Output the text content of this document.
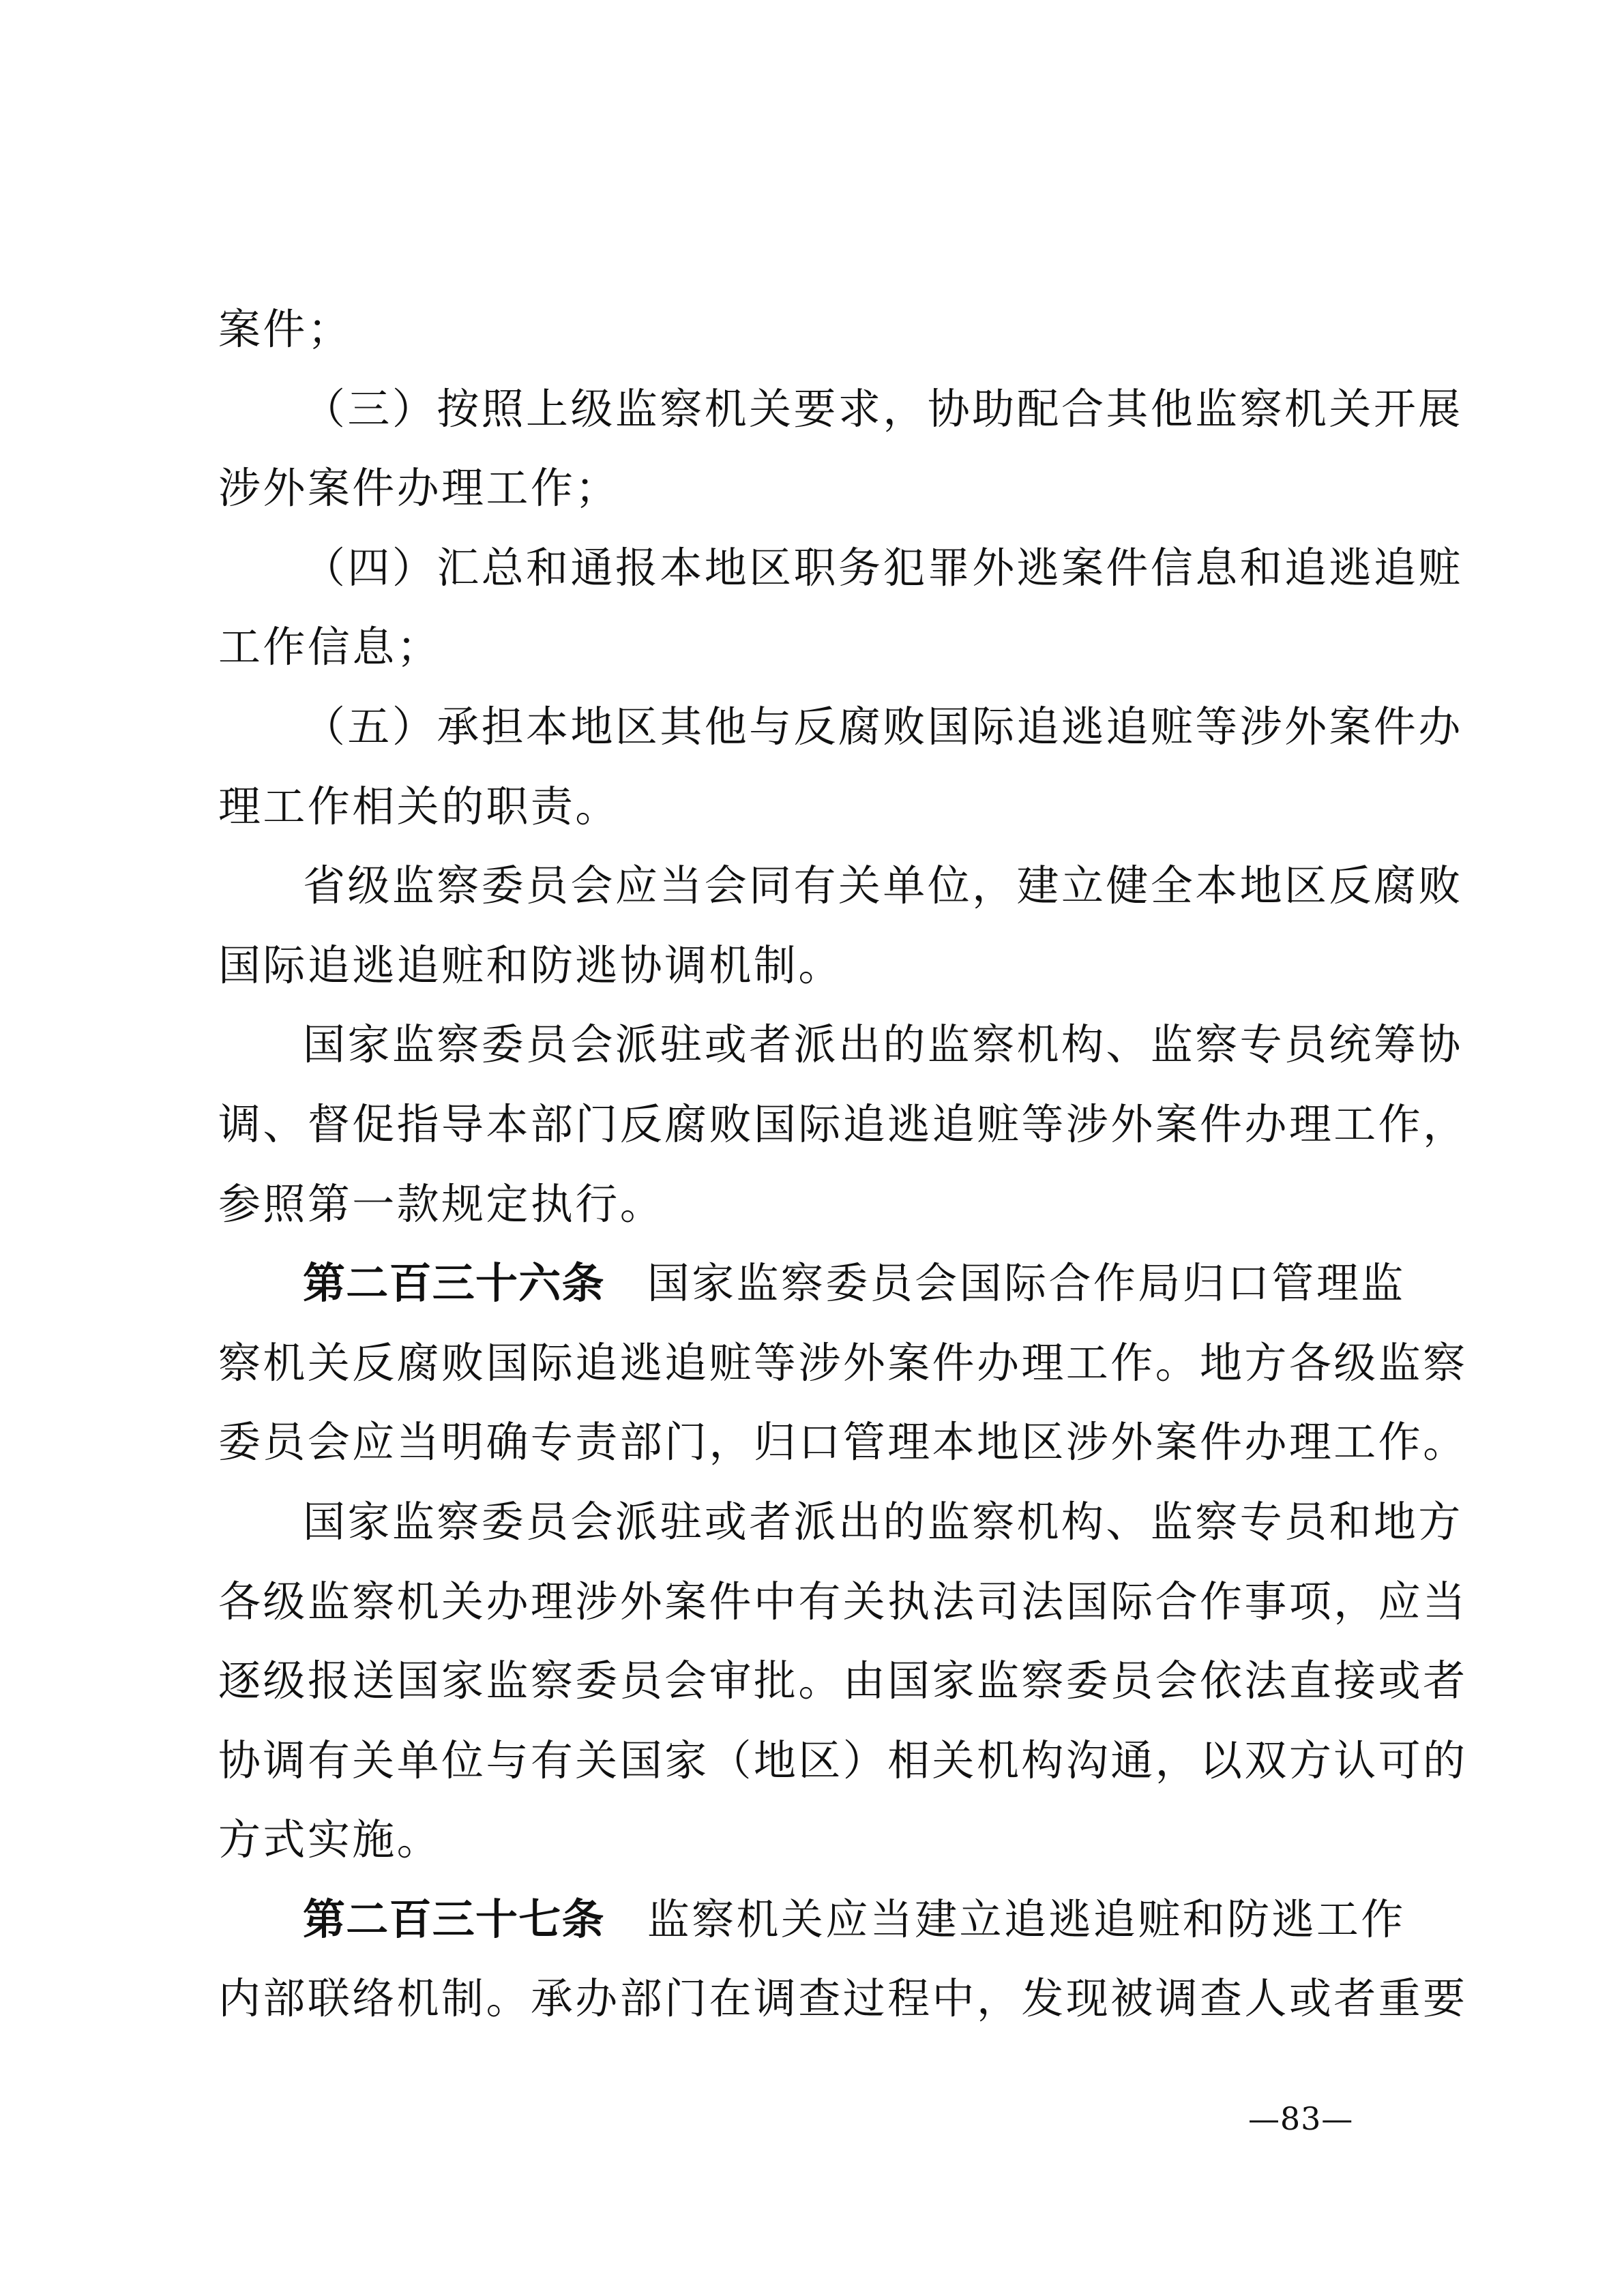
案件；
（三）按照上级监察机关要求，协助配合其他监察机关开展
涉外案件办理工作；
（四）汇总和通报本地区职务犯罪外逃案件信息和追逃追赃
工作信息；
（五）承担本地区其他与反腐败国际追逃追赃等涉外案件办
理工作相关的职责。
省级监察委员会应当会同有关单位，建立健全本地区反腐败
国际追逃追赃和防逃协调机制。
国家监察委员会派驻或者派出的监察机构、监察专员统筹协
调、督促指导本部门反腐败国际追逃追赃等涉外案件办理工作，
参照第一款规定执行。
第二百三十六条 国家监察委员会国际合作局归口管理监
察机关反腐败国际追逃追赃等涉外案件办理工作。地方各级监察
委员会应当明确专责部门，归口管理本地区涉外案件办理工作。
国家监察委员会派驻或者派出的监察机构、监察专员和地方
各级监察机关办理涉外案件中有关执法司法国际合作事项，应当
逐级报送国家监察委员会审批。由国家监察委员会依法直接或者
协调有关单位与有关国家（地区）相关机构沟通，以双方认可的
方式实施。
第二百三十七条 监察机关应当建立追逃追赃和防逃工作
内部联络机制。承办部门在调查过程中，发现被调查人或者重要
—83—
